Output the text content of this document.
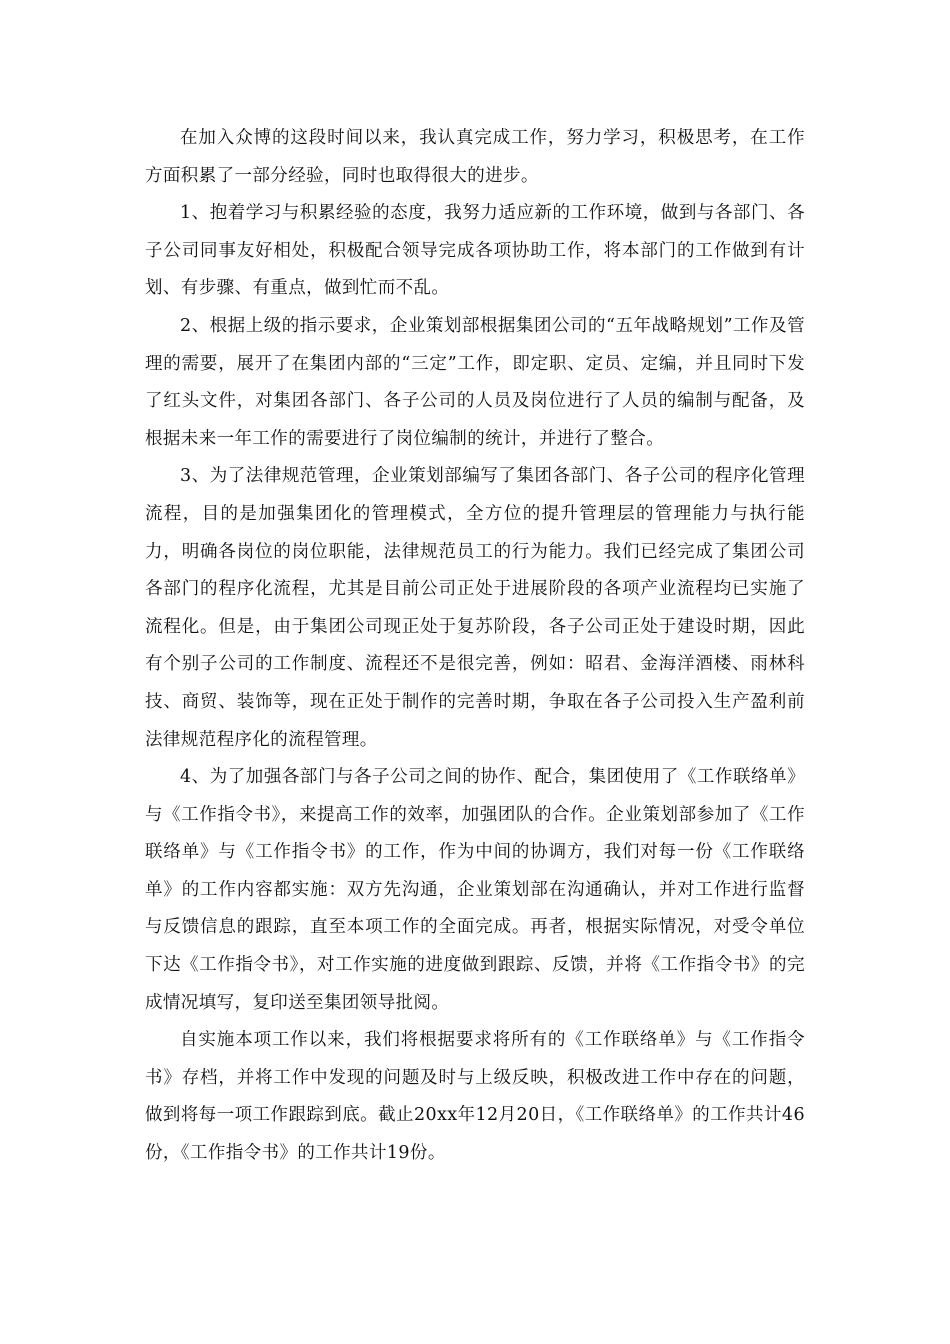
在加入众博的这段时间以来，我认真完成工作，努力学习，积极思考，在工作方面积累了一部分经验，同时也取得很大的进步。

1、抱着学习与积累经验的态度，我努力适应新的工作环境，做到与各部门、各子公司同事友好相处，积极配合领导完成各项协助工作，将本部门的工作做到有计划、有步骤、有重点，做到忙而不乱。

2、根据上级的指示要求，企业策划部根据集团公司的“五年战略规划”工作及管理的需要，展开了在集团内部的“三定”工作，即定职、定员、定编，并且同时下发了红头文件，对集团各部门、各子公司的人员及岗位进行了人员的编制与配备，及根据未来一年工作的需要进行了岗位编制的统计，并进行了整合。

3、为了法律规范管理，企业策划部编写了集团各部门、各子公司的程序化管理流程，目的是加强集团化的管理模式，全方位的提升管理层的管理能力与执行能力，明确各岗位的岗位职能，法律规范员工的行为能力。我们已经完成了集团公司各部门的程序化流程，尤其是目前公司正处于进展阶段的各项产业流程均已实施了流程化。但是，由于集团公司现正处于复苏阶段，各子公司正处于建设时期，因此有个别子公司的工作制度、流程还不是很完善，例如：昭君、金海洋酒楼、雨林科技、商贸、装饰等，现在正处于制作的完善时期，争取在各子公司投入生产盈利前法律规范程序化的流程管理。

4、为了加强各部门与各子公司之间的协作、配合，集团使用了《工作联络单》与《工作指令书》，来提高工作的效率，加强团队的合作。企业策划部参加了《工作联络单》与《工作指令书》的工作，作为中间的协调方，我们对每一份《工作联络单》的工作内容都实施：双方先沟通，企业策划部在沟通确认，并对工作进行监督与反馈信息的跟踪，直至本项工作的全面完成。再者，根据实际情况，对受令单位下达《工作指令书》，对工作实施的进度做到跟踪、反馈，并将《工作指令书》的完成情况填写，复印送至集团领导批阅。

自实施本项工作以来，我们将根据要求将所有的《工作联络单》与《工作指令书》存档，并将工作中发现的问题及时与上级反映，积极改进工作中存在的问题，做到将每一项工作跟踪到底。截止20xx年12月20日，《工作联络单》的工作共计46份，《工作指令书》的工作共计19份。
